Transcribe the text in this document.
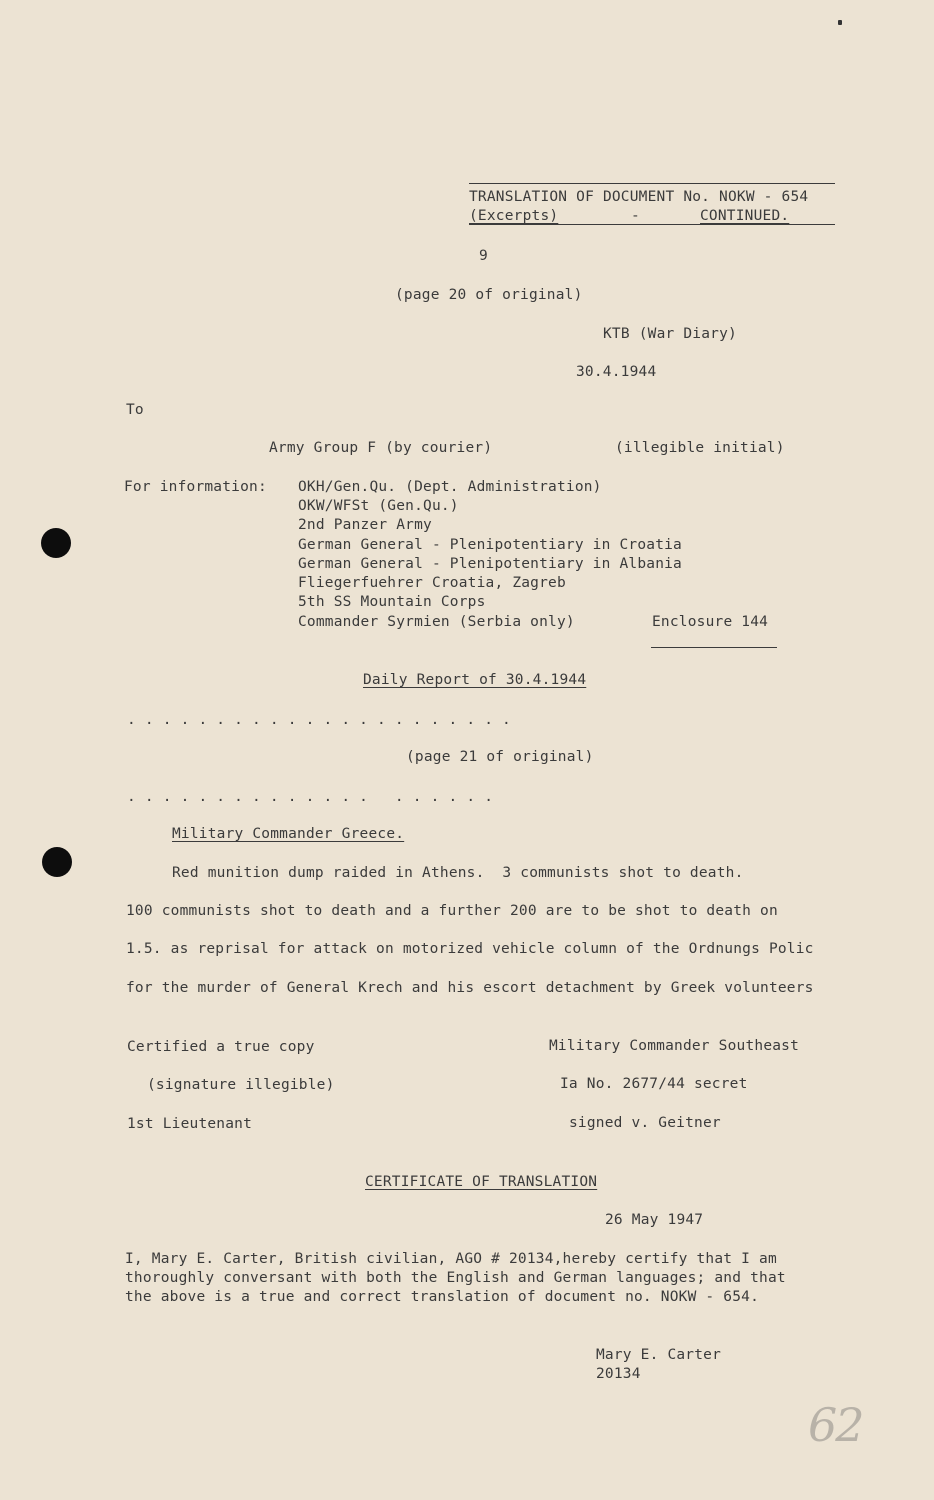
TRANSLATION OF DOCUMENT No. NOKW - 654
(Excerpts)	-	CONTINUED.
9
(page 20 of original)
KTB (War Diary)
30.4.1944
To
Army Group F (by courier)	(illegible initial)
For information: OKH/Gen.Qu. (Dept. Administration)
OKW/WFSt (Gen.Qu.)
2nd Panzer Army
German General - Plenipotentiary in Croatia
German General - Plenipotentiary in Albania
Fliegerfuehrer Croatia, Zagreb
5th SS Mountain Corps
Commander Syrmien (Serbia only)	Enclosure 144
Daily Report of 30.4.1944
. . . . . . . . . . . . . . . . . . . . . .
(page 21 of original)
. . . . . . . . . . . . . .   . . . . . .
Military Commander Greece.
Red munition dump raided in Athens.  3 communists shot to death.
100 communists shot to death and a further 200 are to be shot to death on
1.5. as reprisal for attack on motorized vehicle column of the Ordnungs Polic
for the murder of General Krech and his escort detachment by Greek volunteers
Certified a true copy
(signature illegible)
1st Lieutenant
Military Commander Southeast
Ia No. 2677/44 secret
signed v. Geitner
CERTIFICATE OF TRANSLATION
26 May 1947
I, Mary E. Carter, British civilian, AGO # 20134,hereby certify that I am
thoroughly conversant with both the English and German languages; and that
the above is a true and correct translation of document no. NOKW - 654.
Mary E. Carter
20134
62
